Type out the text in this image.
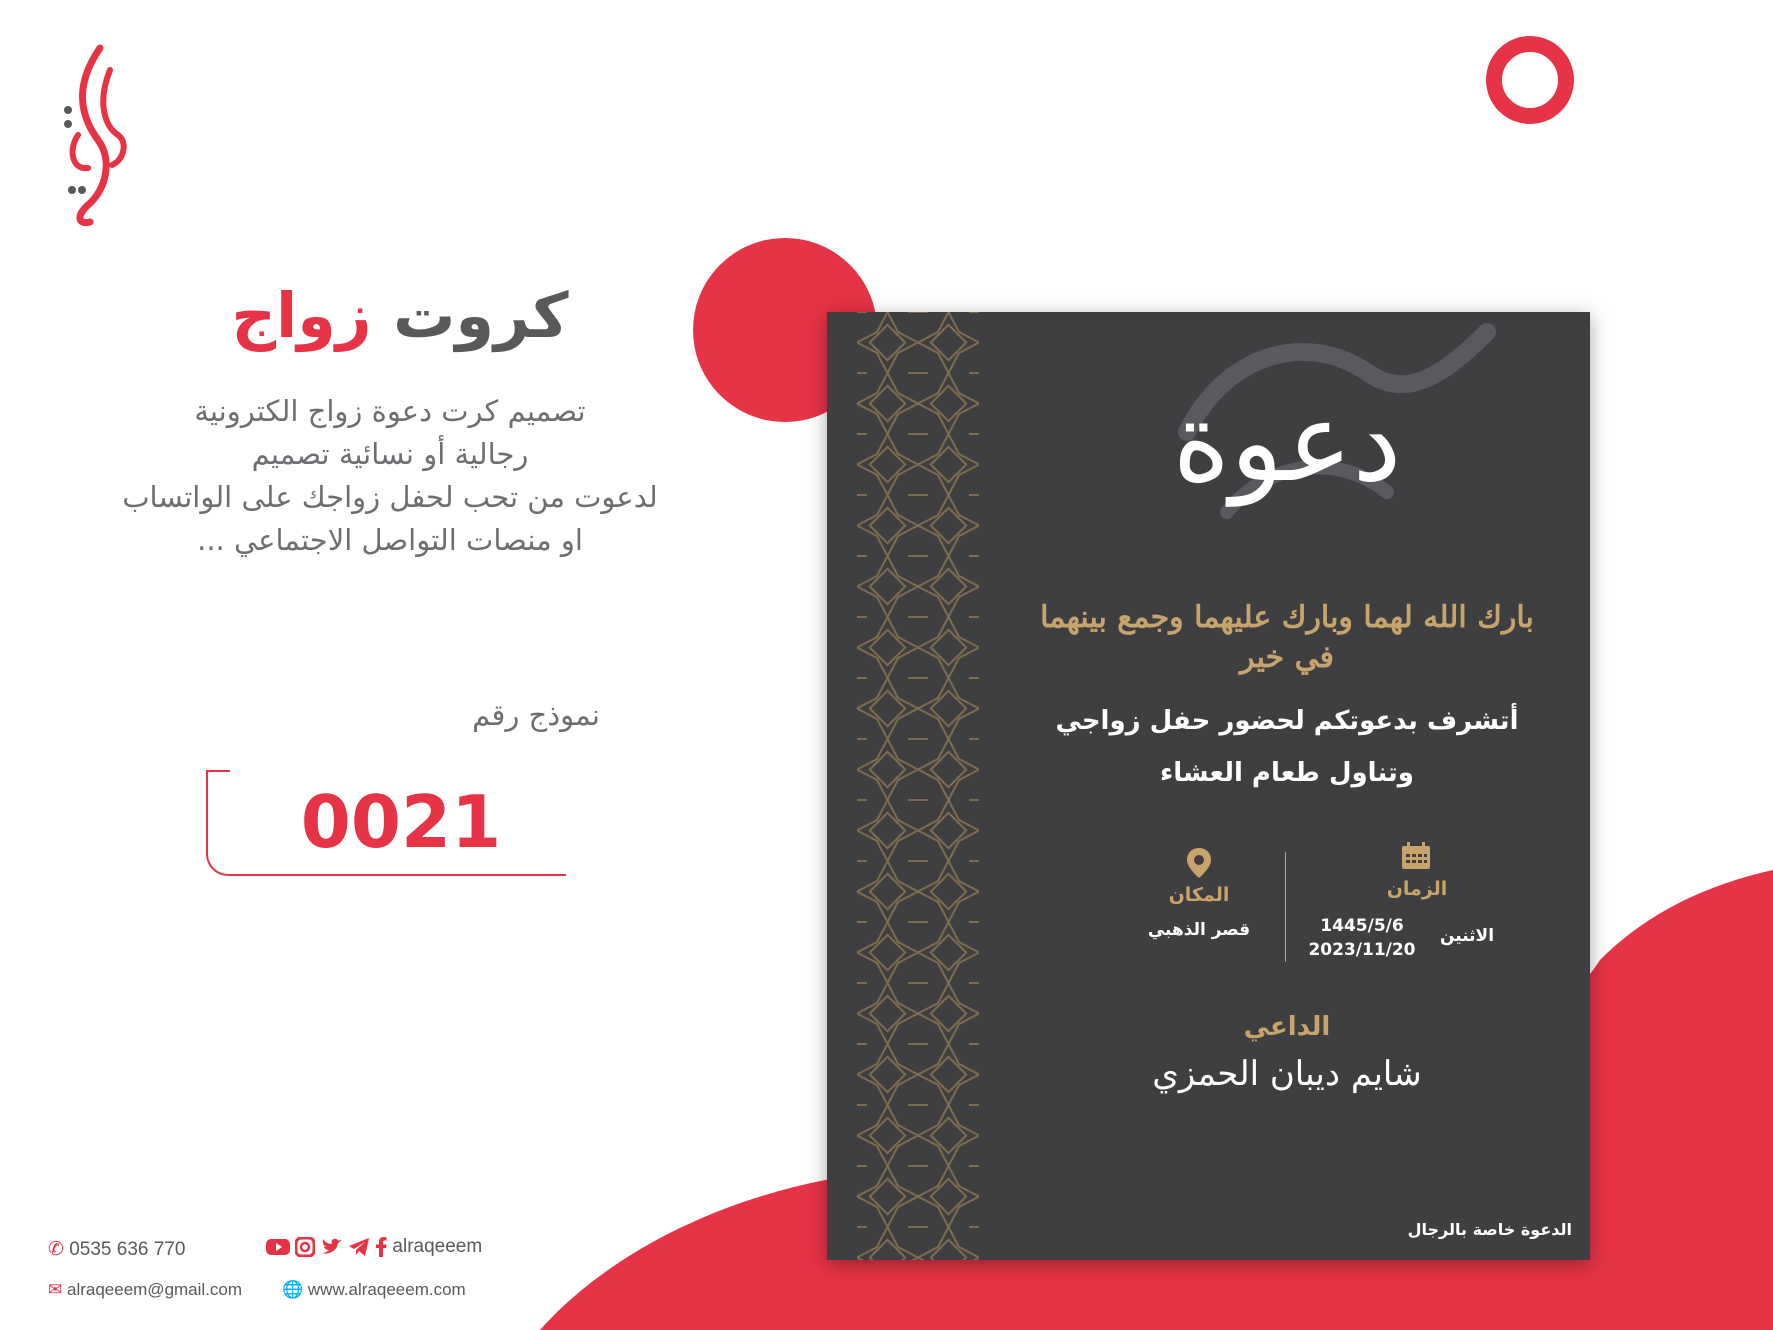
كروت زواج
تصميم كرت دعوة زواج الكترونية
رجالية أو نسائية تصميم
لدعوت من تحب لحفل زواجك على الواتساب
او منصات التواصل الاجتماعي ...
نموذج رقم
0021
✆ 0535 636 770	alraqeeem
✉ alraqeeem@gmail.com 🌐 www.alraqeeem.com
دعوة
بارك الله لهما وبارك عليهما وجمع بينهما في خير
أتشرف بدعوتكم لحضور حفل زواجي
وتناول طعام العشاء
الزمان
الاثنين
1445/5/6
2023/11/20
المكان
قصر الذهبي
الداعي
شايم ديبان الحمزي
الدعوة خاصة بالرجال
